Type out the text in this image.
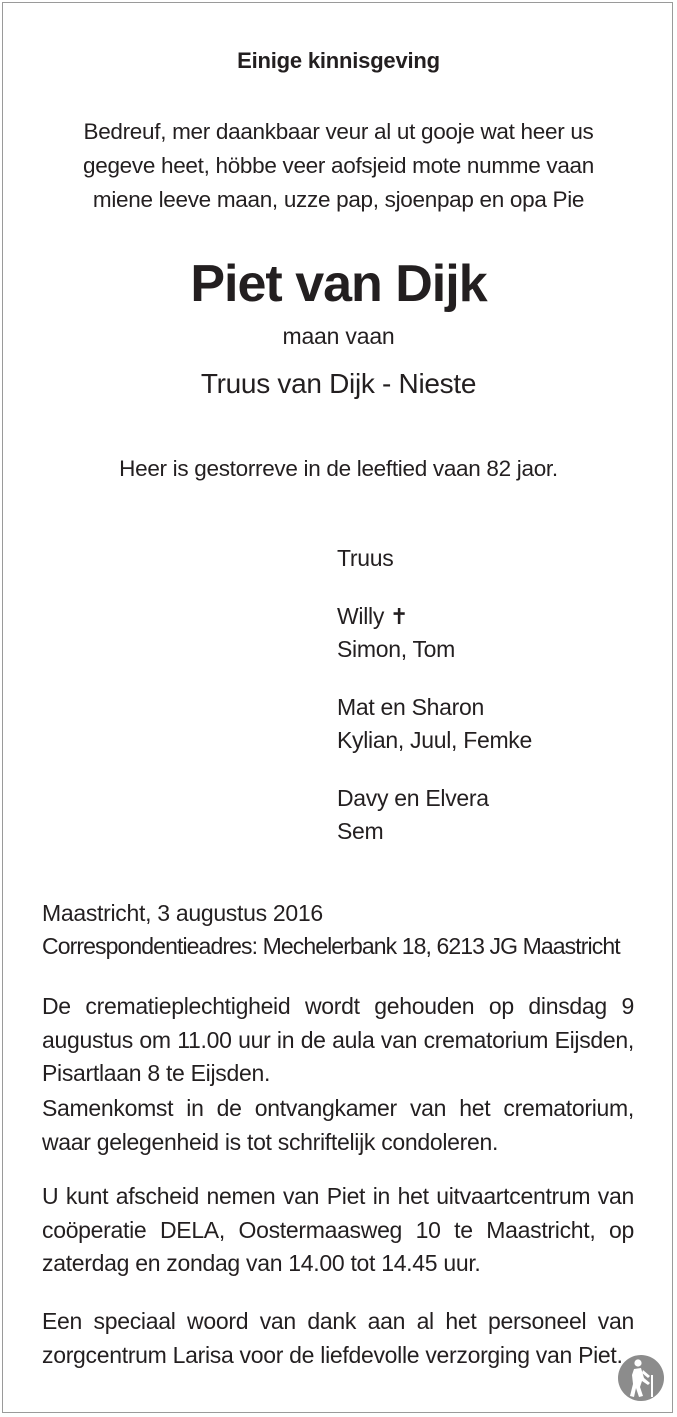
Einige kinnisgeving
Bedreuf, mer daankbaar veur al ut gooje wat heer us
gegeve heet, höbbe veer aofsjeid mote numme vaan
miene leeve maan, uzze pap, sjoenpap en opa Pie
Piet van Dijk
maan vaan
Truus van Dijk - Nieste
Heer is gestorreve in de leeftied vaan 82 jaor.
Truus
Willy ✝
Simon, Tom
Mat en Sharon
Kylian, Juul, Femke
Davy en Elvera
Sem
Maastricht, 3 augustus 2016
Correspondentieadres: Mechelerbank 18, 6213 JG Maastricht
De crematieplechtigheid wordt gehouden op dinsdag 9 augustus om 11.00 uur in de aula van crematorium Eijsden, Pisartlaan 8 te Eijsden.
Samenkomst in de ontvangkamer van het crematorium, waar gelegenheid is tot schriftelijk condoleren.
U kunt afscheid nemen van Piet in het uitvaartcentrum van coöperatie DELA, Oostermaasweg 10 te Maastricht, op zaterdag en zondag van 14.00 tot 14.45 uur.
Een speciaal woord van dank aan al het personeel van zorgcentrum Larisa voor de liefdevolle verzorging van Piet.
